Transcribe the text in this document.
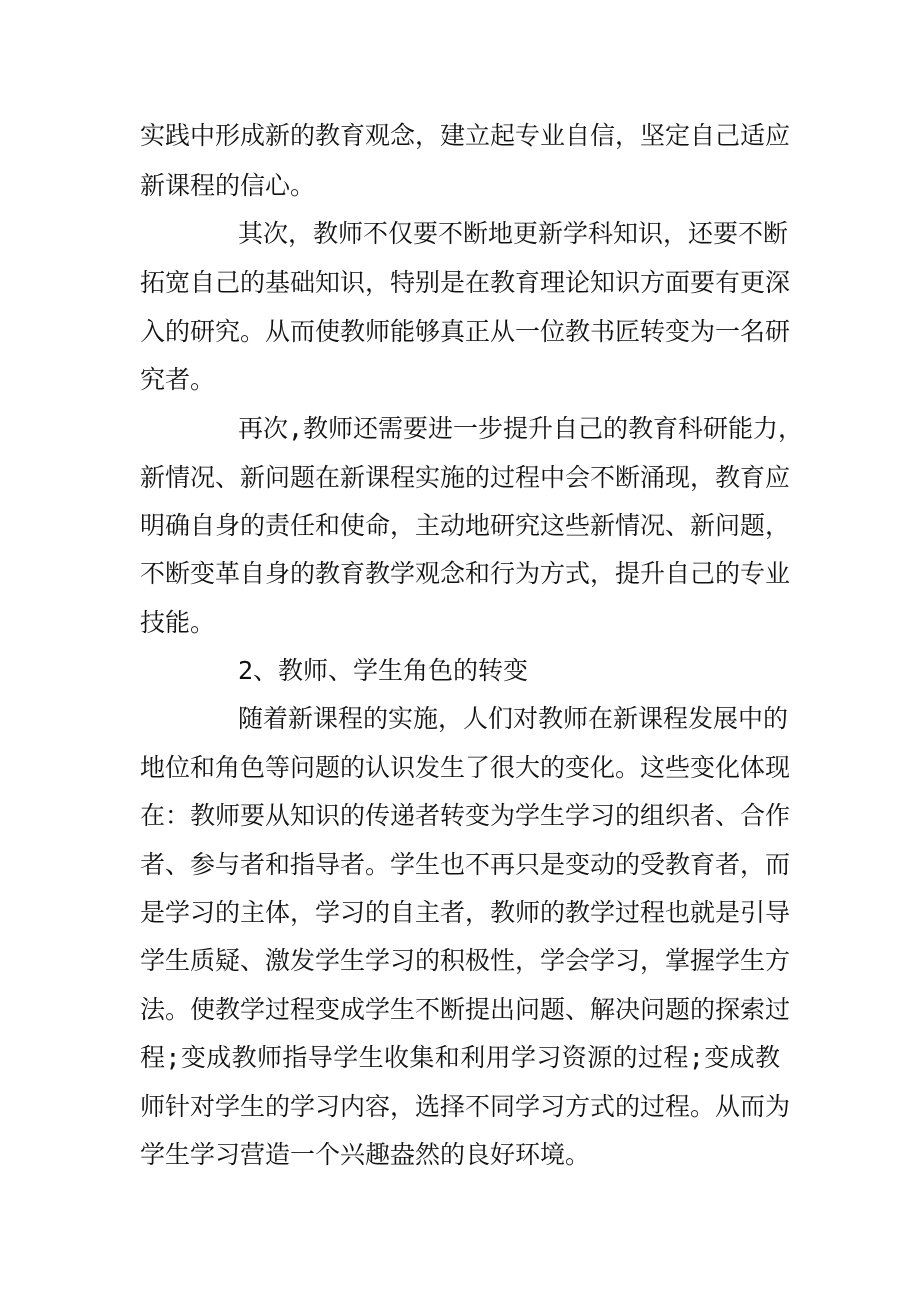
实践中形成新的教育观念，建立起专业自信，坚定自己适应
新课程的信心。
其次，教师不仅要不断地更新学科知识，还要不断
拓宽自己的基础知识，特别是在教育理论知识方面要有更深
入的研究。从而使教师能够真正从一位教书匠转变为一名研
究者。
再次,教师还需要进一步提升自己的教育科研能力，
新情况、新问题在新课程实施的过程中会不断涌现，教育应
明确自身的责任和使命，主动地研究这些新情况、新问题，
不断变革自身的教育教学观念和行为方式，提升自己的专业
技能。
2、教师、学生角色的转变
随着新课程的实施，人们对教师在新课程发展中的
地位和角色等问题的认识发生了很大的变化。这些变化体现
在：教师要从知识的传递者转变为学生学习的组织者、合作
者、参与者和指导者。学生也不再只是变动的受教育者，而
是学习的主体，学习的自主者，教师的教学过程也就是引导
学生质疑、激发学生学习的积极性，学会学习，掌握学生方
法。使教学过程变成学生不断提出问题、解决问题的探索过
程;变成教师指导学生收集和利用学习资源的过程;变成教
师针对学生的学习内容，选择不同学习方式的过程。从而为
学生学习营造一个兴趣盎然的良好环境。
